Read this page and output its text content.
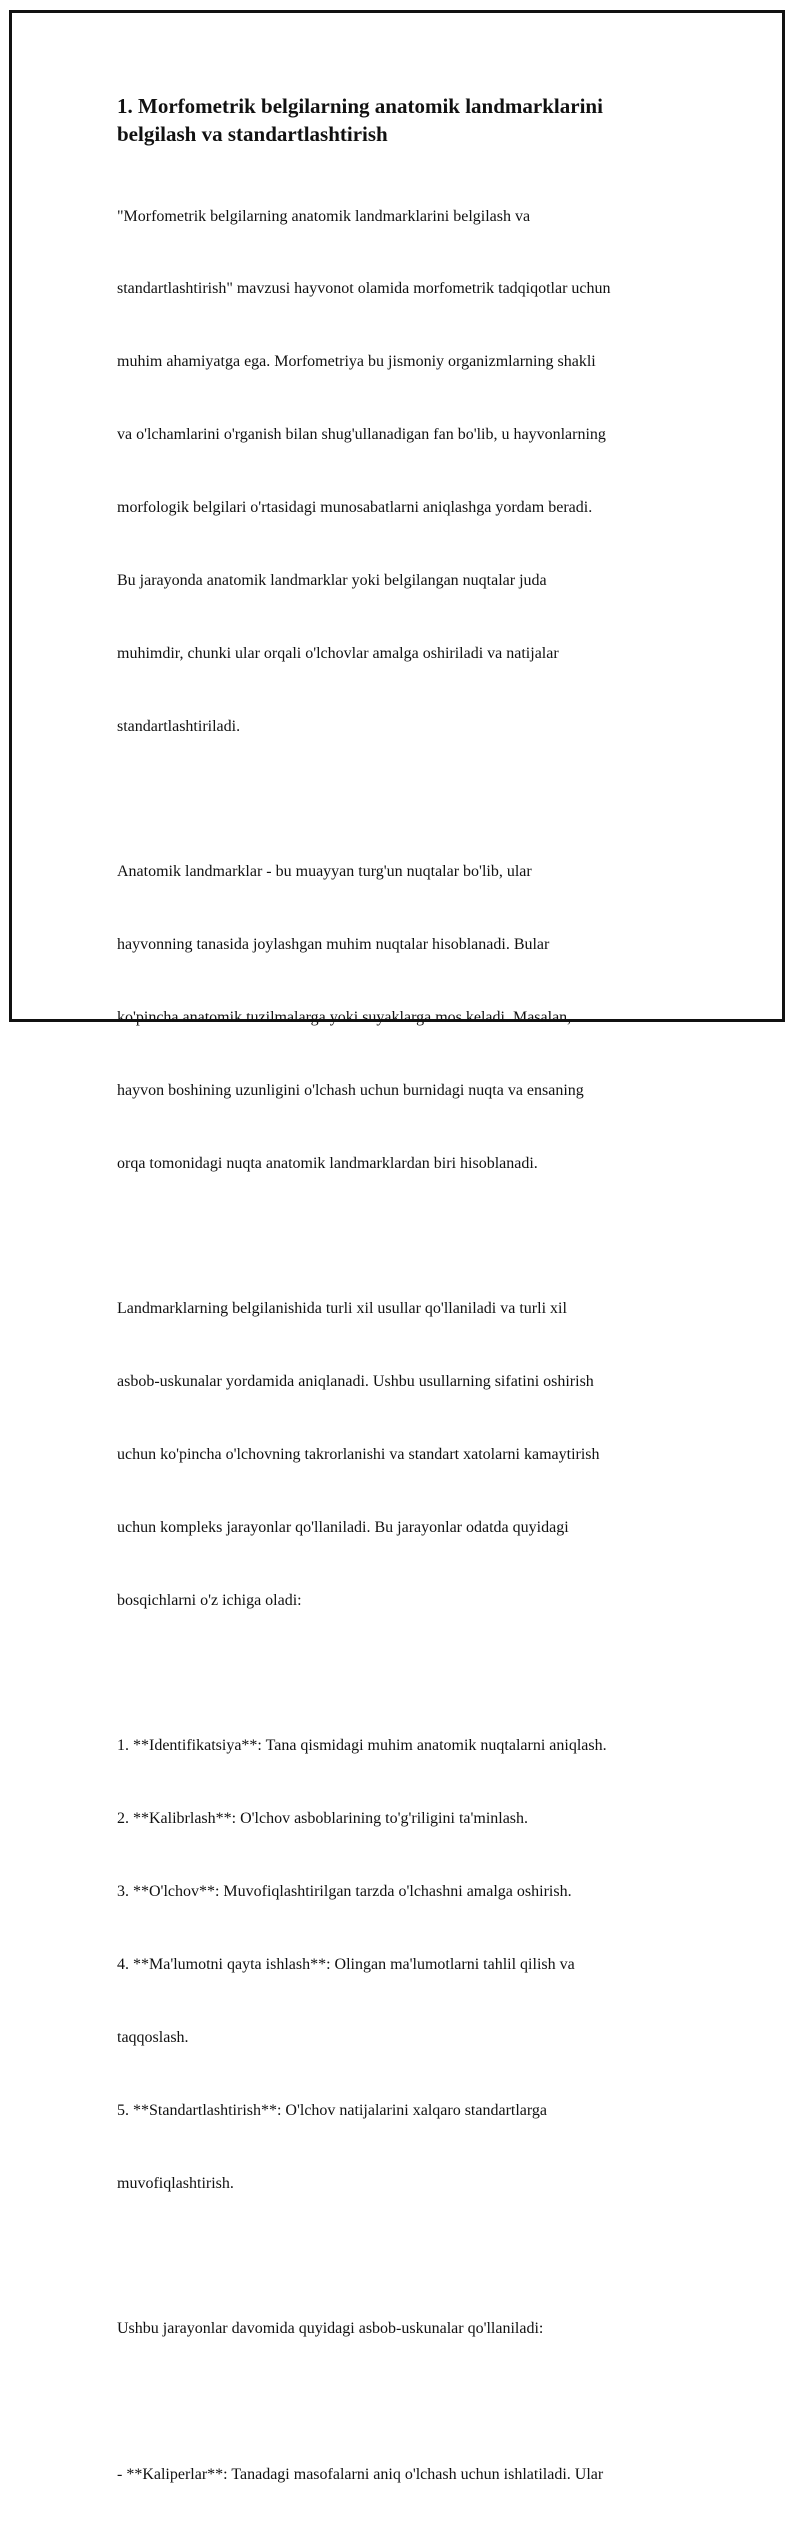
1. Morfometrik belgilarning anatomik landmarklarini
belgilash va standartlashtirish

"Morfometrik belgilarning anatomik landmarklarini belgilash va

standartlashtirish" mavzusi hayvonot olamida morfometrik tadqiqotlar uchun

muhim ahamiyatga ega. Morfometriya bu jismoniy organizmlarning shakli

va o'lchamlarini o'rganish bilan shug'ullanadigan fan bo'lib, u hayvonlarning

morfologik belgilari o'rtasidagi munosabatlarni aniqlashga yordam beradi.

Bu jarayonda anatomik landmarklar yoki belgilangan nuqtalar juda

muhimdir, chunki ular orqali o'lchovlar amalga oshiriladi va natijalar

standartlashtiriladi.

Anatomik landmarklar - bu muayyan turg'un nuqtalar bo'lib, ular

hayvonning tanasida joylashgan muhim nuqtalar hisoblanadi. Bular

ko'pincha anatomik tuzilmalarga yoki suyaklarga mos keladi. Masalan,

hayvon boshining uzunligini o'lchash uchun burnidagi nuqta va ensaning

orqa tomonidagi nuqta anatomik landmarklardan biri hisoblanadi.

Landmarklarning belgilanishida turli xil usullar qo'llaniladi va turli xil

asbob-uskunalar yordamida aniqlanadi. Ushbu usullarning sifatini oshirish

uchun ko'pincha o'lchovning takrorlanishi va standart xatolarni kamaytirish

uchun kompleks jarayonlar qo'llaniladi. Bu jarayonlar odatda quyidagi

bosqichlarni o'z ichiga oladi:

1. **Identifikatsiya**: Tana qismidagi muhim anatomik nuqtalarni aniqlash.

2. **Kalibrlash**: O'lchov asboblarining to'g'riligini ta'minlash.

3. **O'lchov**: Muvofiqlashtirilgan tarzda o'lchashni amalga oshirish.

4. **Ma'lumotni qayta ishlash**: Olingan ma'lumotlarni tahlil qilish va

taqqoslash.

5. **Standartlashtirish**: O'lchov natijalarini xalqaro standartlarga

muvofiqlashtirish.

Ushbu jarayonlar davomida quyidagi asbob-uskunalar qo'llaniladi:

- **Kaliperlar**: Tanadagi masofalarni aniq o'lchash uchun ishlatiladi. Ular
